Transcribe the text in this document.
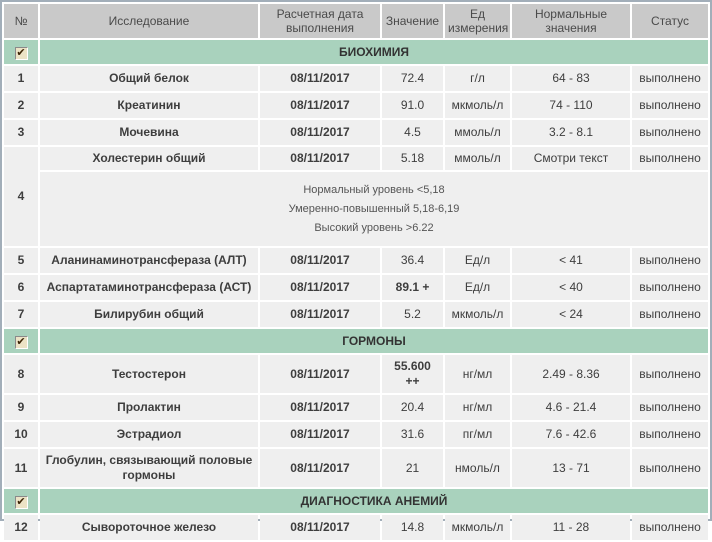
№	Исследование	Расчетная дата выполнения	Значение	Ед измерения	Нормальные значения	Статус

✔	БИОХИМИЯ					
1	Общий белок	08/11/2017	72.4	г/л	64 - 83	выполнено
2	Креатинин	08/11/2017	91.0	мкмоль/л	74 - 110	выполнено
3	Мочевина	08/11/2017	4.5	ммоль/л	3.2 - 8.1	выполнено
4	Холестерин общий	08/11/2017	5.18	ммоль/л	Смотри текст	выполнено

	Нормальный уровень <5,18
Умеренно-повышенный 5,18-6,19
Высокий уровень >6.22					

5	Аланинаминотрансфераза (АЛТ)	08/11/2017	36.4	Ед/л	< 41	выполнено
6	Аспартатаминотрансфераза (АСТ)	08/11/2017	89.1 +	Ед/л	< 40	выполнено
7	Билирубин общий	08/11/2017	5.2	мкмоль/л	< 24	выполнено

✔	ГОРМОНЫ					
8	Тестостерон	08/11/2017	55.600 ++	нг/мл	2.49 - 8.36	выполнено
9	Пролактин	08/11/2017	20.4	нг/мл	4.6 - 21.4	выполнено
10	Эстрадиол	08/11/2017	31.6	пг/мл	7.6 - 42.6	выполнено
11	Глобулин, связывающий половые гормоны	08/11/2017	21	нмоль/л	13 - 71	выполнено

✔	ДИАГНОСТИКА АНЕМИЙ					
12	Сывороточное железо	08/11/2017	14.8	мкмоль/л	11 - 28	выполнено
